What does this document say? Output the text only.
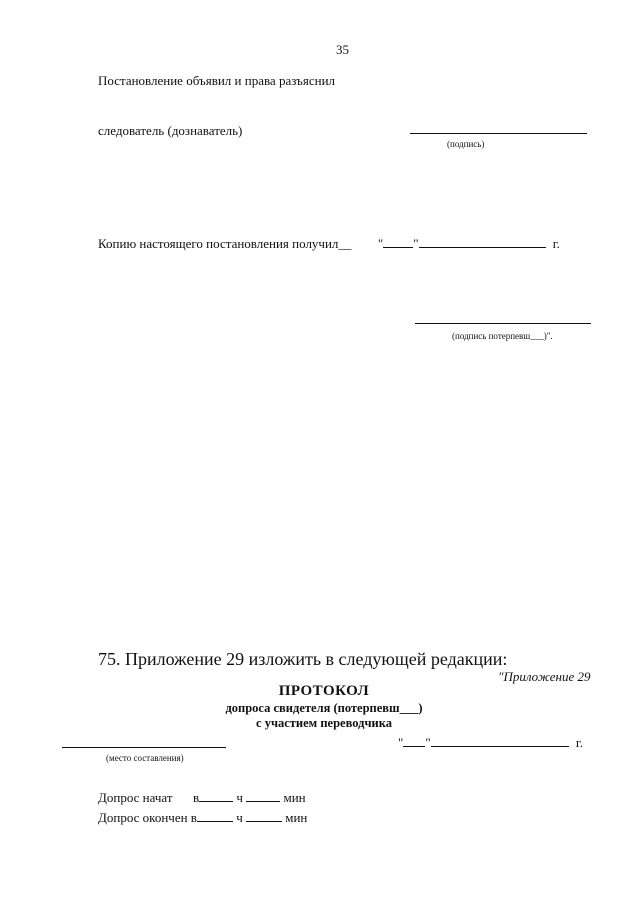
35
Постановление объявил и права разъяснил
следователь (дознаватель)
(подпись)
Копию настоящего постановления получил__ " "	г.
(подпись потерпевш___)".
75. Приложение 29 изложить в следующей редакции:
"Приложение 29
ПРОТОКОЛ
допроса свидетеля (потерпевш___)
с участием переводчика
(место составления)
" "	г.
Допрос начат в	ч	мин
Допрос окончен в	ч	мин
